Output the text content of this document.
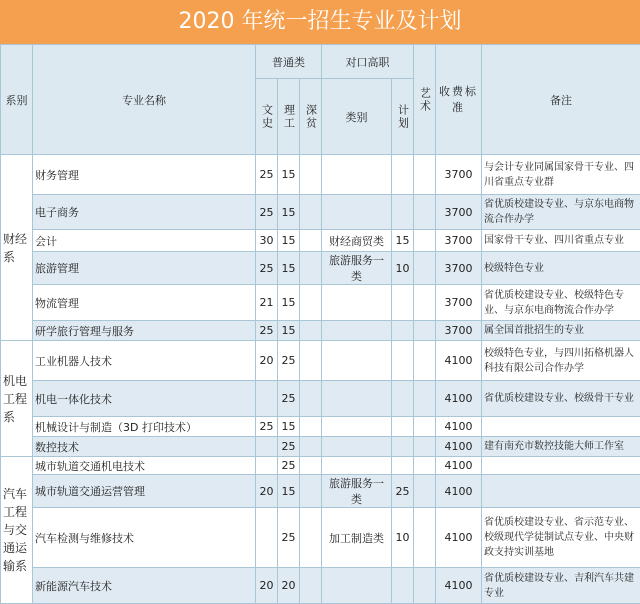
2020 年统一招生专业及计划
系别	专业名称	普通类			对口高职		艺术	收费标准	备注

		文史	理工	深贫	类别	计划			

财经系	财务管理	25	15					3700	与会计专业同属国家骨干专业、四川省重点专业群
	电子商务	25	15					3700	省优质校建设专业、与京东电商物流合作办学
	会计	30	15		财经商贸类	15		3700	国家骨干专业、四川省重点专业
	旅游管理	25	15		旅游服务一类	10		3700	校级特色专业
	物流管理	21	15					3700	省优质校建设专业、校级特色专业、与京东电商物流合作办学
	研学旅行管理与服务	25	15					3700	属全国首批招生的专业
机电工程系	工业机器人技术	20	25					4100	校级特色专业，与四川拓格机器人科技有限公司合作办学
	机电一体化技术		25					4100	省优质校建设专业、校级骨干专业
	机械设计与制造（3D 打印技术）	25	15					4100	
	数控技术		25					4100	建有南充市数控技能大师工作室
汽车工程与交通运输系	城市轨道交通机电技术		25					4100	
	城市轨道交通运营管理	20	15		旅游服务一类	25		4100	
	汽车检测与维修技术		25		加工制造类	10		4100	省优质校建设专业、省示范专业、校级现代学徒制试点专业、中央财政支持实训基地
	新能源汽车技术	20	20					4100	省优质校建设专业、吉利汽车共建专业
